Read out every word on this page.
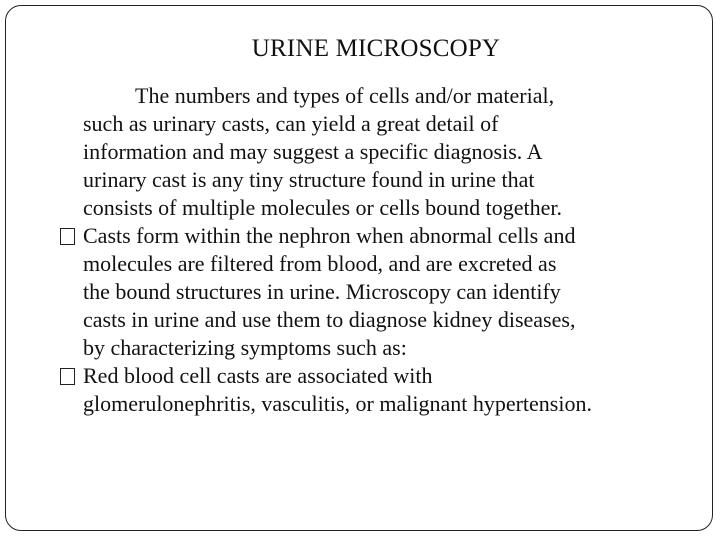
URINE MICROSCOPY

The numbers and types of cells and/or material,
such as urinary casts, can yield a great detail of
information and may suggest a specific diagnosis. A
urinary cast is any tiny structure found in urine that
consists of multiple molecules or cells bound together.

Casts form within the nephron when abnormal cells and
molecules are filtered from blood, and are excreted as
the bound structures in urine. Microscopy can identify
casts in urine and use them to diagnose kidney diseases,
by characterizing symptoms such as:
Red blood cell casts are associated with
glomerulonephritis, vasculitis, or malignant hypertension.
